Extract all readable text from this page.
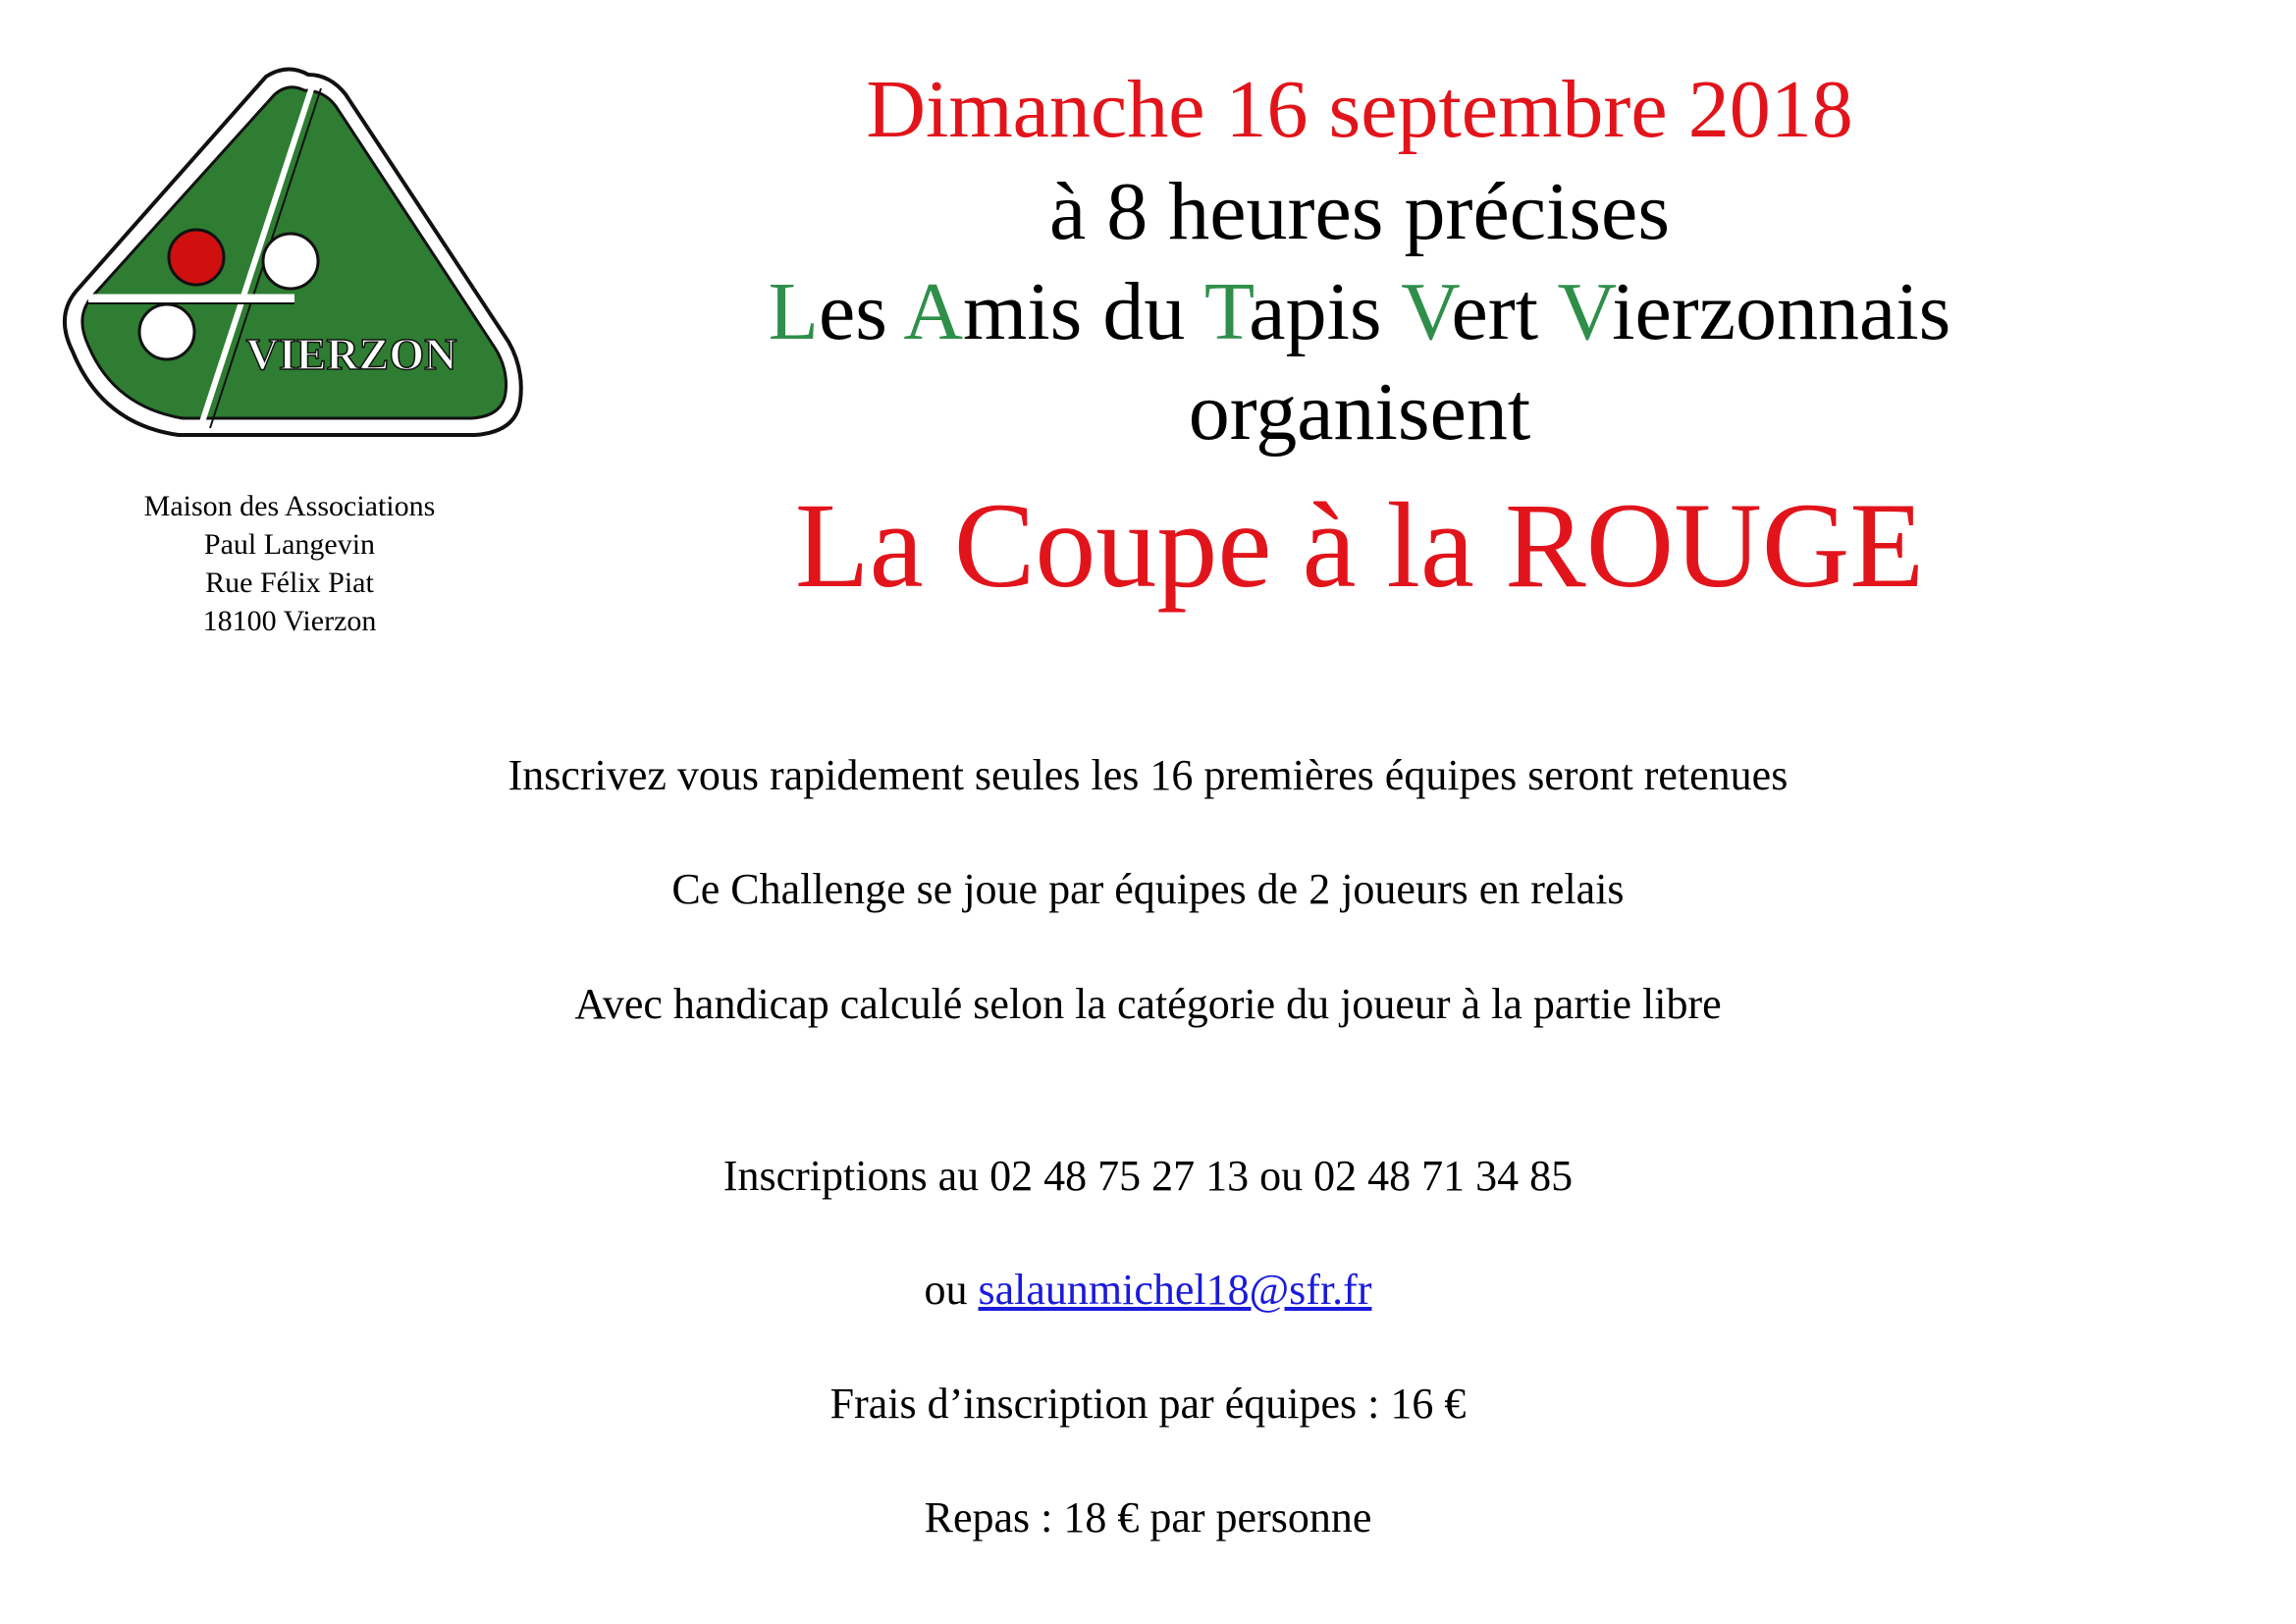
VIERZON
Maison des Associations
Paul Langevin
Rue Félix Piat
18100 Vierzon
Dimanche 16 septembre 2018
à 8 heures précises
Les Amis du Tapis Vert Vierzonnais
organisent
La Coupe à la ROUGE
Inscrivez vous rapidement seules les 16 premières équipes seront retenues
Ce Challenge se joue par équipes de 2 joueurs en relais
Avec handicap calculé selon la catégorie du joueur à la partie libre
Inscriptions au 02 48 75 27 13 ou 02 48 71 34 85
ou salaunmichel18@sfr.fr
Frais d’inscription par équipes : 16 €
Repas : 18 € par personne
